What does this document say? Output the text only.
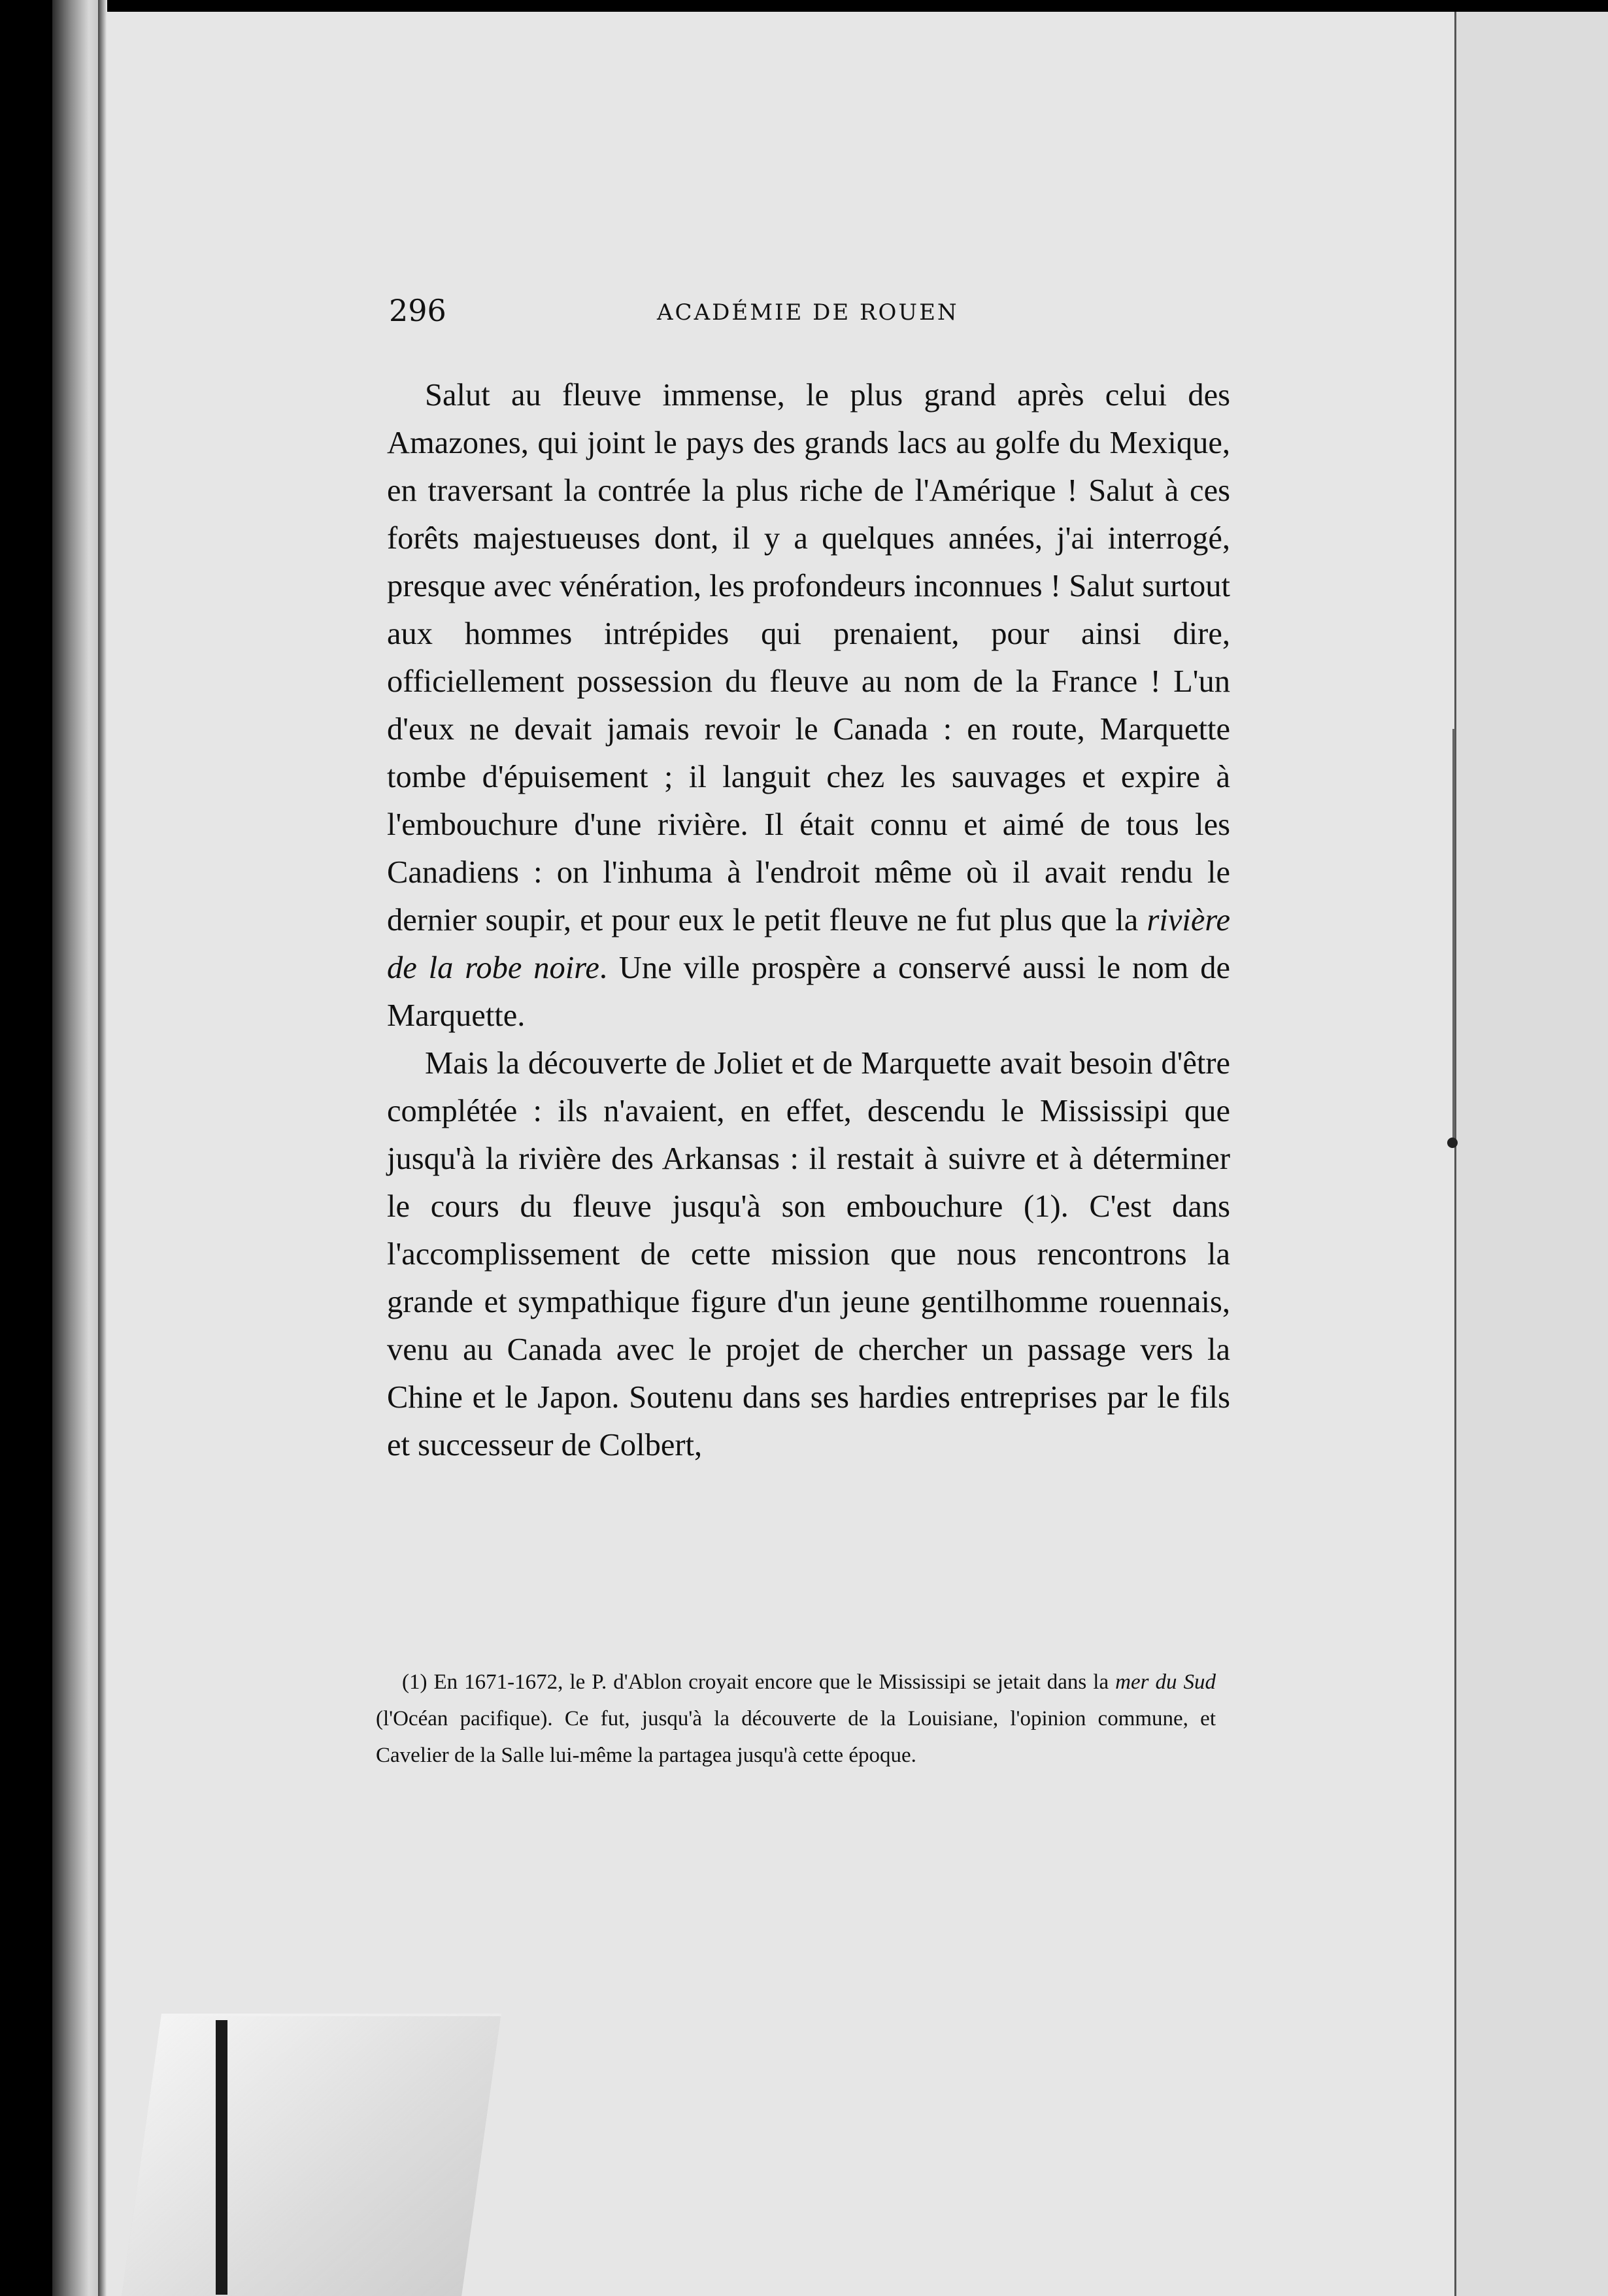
296	ACADÉMIE DE ROUEN

Salut au fleuve immense, le plus grand après celui des Amazones, qui joint le pays des grands lacs au golfe du Mexique, en traversant la contrée la plus riche de l'Amérique ! Salut à ces forêts majestueuses dont, il y a quelques années, j'ai interrogé, presque avec vénération, les profondeurs inconnues ! Salut surtout aux hommes intrépides qui prenaient, pour ainsi dire, officiellement possession du fleuve au nom de la France ! L'un d'eux ne devait jamais revoir le Canada : en route, Marquette tombe d'épuisement ; il languit chez les sauvages et expire à l'embouchure d'une rivière. Il était connu et aimé de tous les Canadiens : on l'inhuma à l'endroit même où il avait rendu le dernier soupir, et pour eux le petit fleuve ne fut plus que la rivière de la robe noire. Une ville prospère a conservé aussi le nom de Marquette.

Mais la découverte de Joliet et de Marquette avait besoin d'être complétée : ils n'avaient, en effet, descendu le Mississipi que jusqu'à la rivière des Arkansas : il restait à suivre et à déterminer le cours du fleuve jusqu'à son embouchure (1). C'est dans l'accomplissement de cette mission que nous rencontrons la grande et sympathique figure d'un jeune gentilhomme rouennais, venu au Canada avec le projet de chercher un passage vers la Chine et le Japon. Soutenu dans ses hardies entreprises par le fils et successeur de Colbert,

(1) En 1671-1672, le P. d'Ablon croyait encore que le Mississipi se jetait dans la mer du Sud (l'Océan pacifique). Ce fut, jusqu'à la découverte de la Louisiane, l'opinion commune, et Cavelier de la Salle lui-même la partagea jusqu'à cette époque.
